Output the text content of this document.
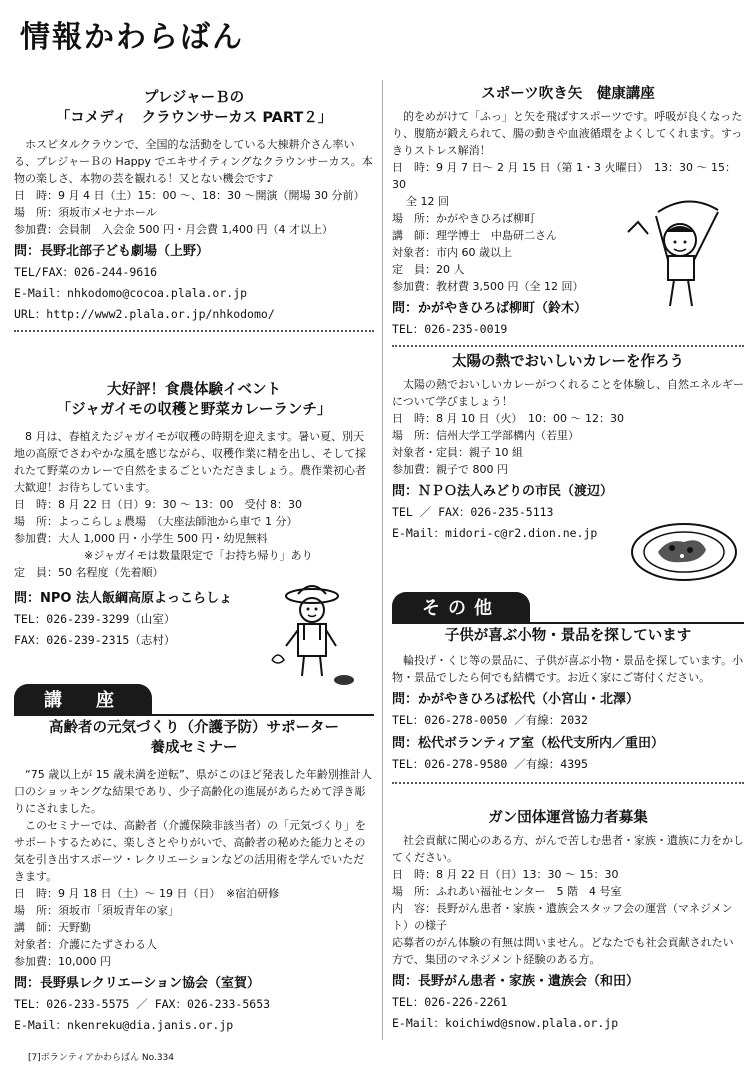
情報かわらばん

プレジャーＢの

「コメディ　クラウンサーカス PART２」

ホスピタルクラウンで、全国的な活動をしている大棟耕介さん率いる、プレジャーＢの Happy でエキサイティングなクラウンサーカス。本物の楽しさ、本物の芸を観れる！又とない機会です♪

日　時：9 月 4 日（土）15：00 ～、18：30 ～開演（開場 30 分前）

場　所：須坂市メセナホール

参加費：会員制　入会金 500 円・月会費 1,400 円（4 才以上）

問：長野北部子ども劇場（上野）

TEL/FAX：026-244-9616

E-Mail：nhkodomo@cocoa.plala.or.jp

URL：http://www2.plala.or.jp/nhkodomo/

大好評！食農体験イベント

「ジャガイモの収穫と野菜カレーランチ」

8 月は、春植えたジャガイモが収穫の時期を迎えます。暑い夏、別天地の高原でさわやかな風を感じながら、収穫作業に精を出し、そして採れたて野菜のカレーで自然をまるごといただきましょう。農作業初心者大歓迎！お待ちしています。

日　時：8 月 22 日（日）9：30 ～ 13：00　受付 8：30

場　所：よっこらしょ農場　（大座法師池から車で 1 分）

参加費：大人 1,000 円・小学生 500 円・幼児無料

※ジャガイモは数量限定で「お持ち帰り」あり

定　員：50 名程度（先着順）

問：NPO 法人飯綱高原よっこらしょ

TEL：026-239-3299（山室）

FAX：026-239-2315（志村）

講　座

高齢者の元気づくり（介護予防）サポーター

養成セミナー

“75 歳以上が 15 歳未満を逆転”、県がこのほど発表した年齢別推計人口のショッキングな結果であり、少子高齢化の進展があらためて浮き彫りにされました。

このセミナーでは、高齢者（介護保険非該当者）の「元気づくり」をサポートするために、楽しさとやりがいで、高齢者の秘めた能力とその気を引き出すスポーツ・レクリエーションなどの活用術を学んでいただきます。

日　時：9 月 18 日（土）～ 19 日（日）　※宿泊研修

場　所：須坂市「須坂青年の家」

講　師：天野勤

対象者：介護にたずさわる人

参加費：10,000 円

問：長野県レクリエーション協会（室賀）

TEL：026-233-5575 ／ FAX：026-233-5653

E-Mail：nkenreku@dia.janis.or.jp

スポーツ吹き矢　健康講座

的をめがけて「ふっ」と矢を飛ばすスポーツです。呼吸が良くなったり、腹筋が鍛えられて、腸の動きや血液循環をよくしてくれます。すっきりストレス解消！

日　時：9 月 7 日～ 2 月 15 日（第 1・3 火曜日）　13：30 ～ 15：30

全 12 回

場　所：かがやきひろば柳町

講　師：理学博士　中島研二さん

対象者：市内 60 歳以上

定　員：20 人

参加費：教材費 3,500 円（全 12 回）

問：かがやきひろば柳町（鈴木）

TEL：026-235-0019

太陽の熱でおいしいカレーを作ろう

太陽の熱でおいしいカレーがつくれることを体験し、自然エネルギーについて学びましょう！

日　時：8 月 10 日（火）　10：00 ～ 12：30

場　所：信州大学工学部構内（若里）

対象者・定員：親子 10 組

参加費：親子で 800 円

問：ＮＰＯ法人みどりの市民（渡辺）

TEL ／ FAX：026-235-5113

E-Mail：midori-c@r2.dion.ne.jp

その他

子供が喜ぶ小物・景品を探しています

輪投げ・くじ等の景品に、子供が喜ぶ小物・景品を探しています。小物・景品でしたら何でも結構です。お近く家にご寄付ください。

問：かがやきひろば松代（小宮山・北澤）

TEL：026-278-0050 ／有線：2032

問：松代ボランティア室（松代支所内／重田）

TEL：026-278-9580 ／有線：4395

ガン団体運営協力者募集

社会貢献に関心のある方、がんで苦しむ患者・家族・遺族に力をかしてください。

日　時：8 月 22 日（日）13：30 ～ 15：30

場　所：ふれあい福祉センター　5 階　4 号室

内　容：長野がん患者・家族・遺族会スタッフ会の運営（マネジメント）の様子

応募者のがん体験の有無は問いません。どなたでも社会貢献されたい方で、集団のマネジメント経験のある方。

問：長野がん患者・家族・遺族会（和田）

TEL：026-226-2261

E-Mail：koichiwd@snow.plala.or.jp

[7]ボランティアかわらばん No.334
